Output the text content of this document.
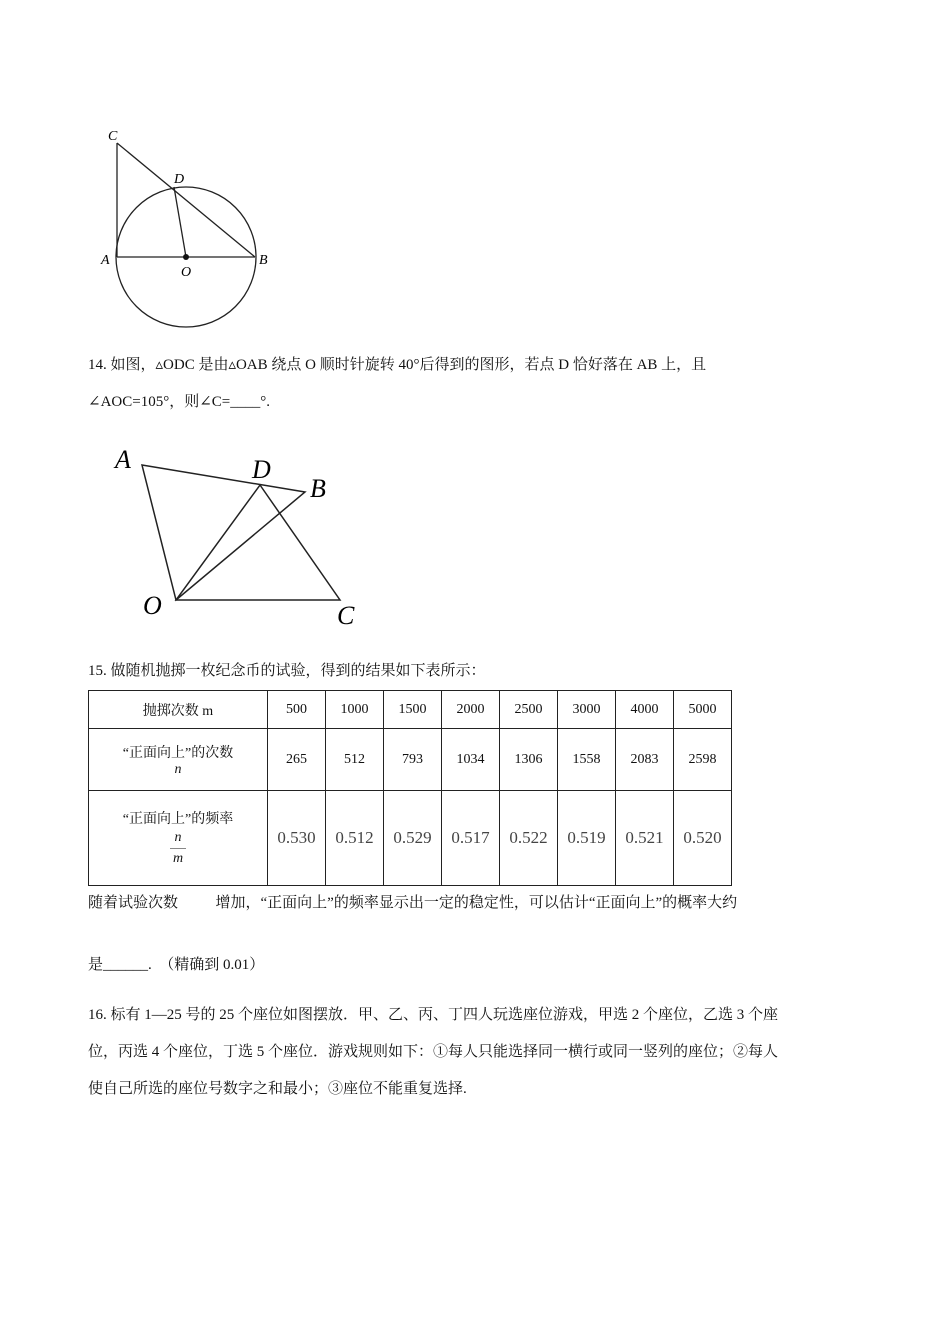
C
D
A
O
B
A	D
B
O	C
14. 如图，▵ODC 是由▵OAB 绕点 O 顺时针旋转 40°后得到的图形，若点 D 恰好落在 AB 上，且
∠AOC=105°，则∠C=____°.
15. 做随机抛掷一枚纪念币的试验，得到的结果如下表所示：
抛掷次数 m	500	1000	1500	2000	2500	3000	4000	5000

“正面向上”的次数
n	265	512	793	1034	1306	1558	2083	2598

“正面向上”的频率
$\frac{n}{m}$	0.530	0.512	0.529	0.517	0.522	0.519	0.521	0.520
随着试验次数          增加，“正面向上”的频率显示出一定的稳定性，可以估计“正面向上”的概率大约
是______.  （精确到 0.01）
16. 标有 1—25 号的 25 个座位如图摆放．甲、乙、丙、丁四人玩选座位游戏，甲选 2 个座位，乙选 3 个座
位，丙选 4 个座位，丁选 5 个座位．游戏规则如下：①每人只能选择同一横行或同一竖列的座位；②每人
使自己所选的座位号数字之和最小；③座位不能重复选择.
